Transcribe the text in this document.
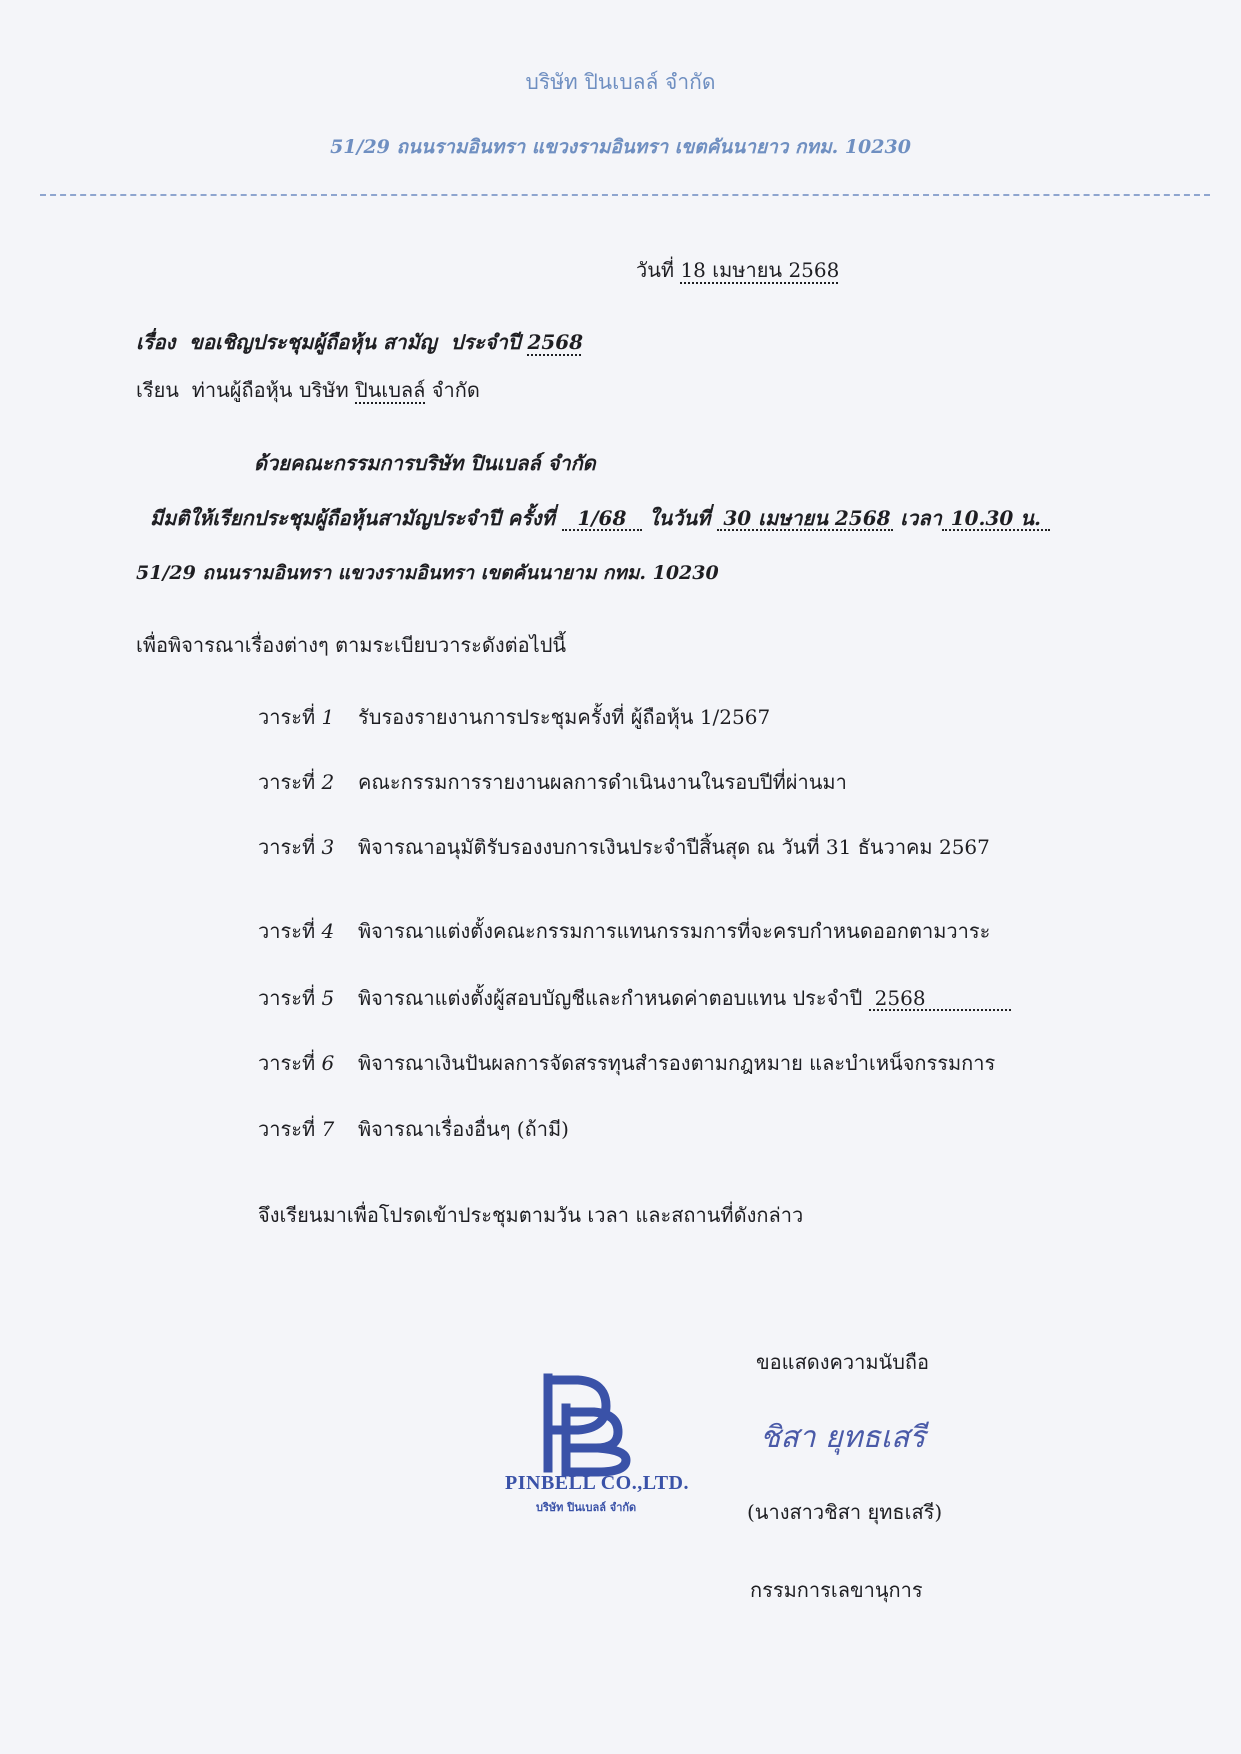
บริษัท ปินเบลล์ จำกัด
51/29 ถนนรามอินทรา แขวงรามอินทรา เขตคันนายาว กทม. 10230
วันที่ 18 เมษายน 2568
เรื่อง ขอเชิญประชุมผู้ถือหุ้น สามัญ ประจำปี 2568
เรียน ท่านผู้ถือหุ้น บริษัท ปินเบลล์ จำกัด
ด้วยคณะกรรมการบริษัท ปินเบลล์ จำกัด
มีมติให้เรียกประชุมผู้ถือหุ้นสามัญประจำปี ครั้งที่ 1/68 ในวันที่ 30 เมษายน 2568 เวลา 10.30 น.
51/29 ถนนรามอินทรา แขวงรามอินทรา เขตคันนายาม กทม. 10230
เพื่อพิจารณาเรื่องต่างๆ ตามระเบียบวาระดังต่อไปนี้
วาระที่ 1 รับรองรายงานการประชุมครั้งที่ ผู้ถือหุ้น 1/2567
วาระที่ 2 คณะกรรมการรายงานผลการดำเนินงานในรอบปีที่ผ่านมา
วาระที่ 3 พิจารณาอนุมัติรับรองงบการเงินประจำปีสิ้นสุด ณ วันที่ 31 ธันวาคม 2567
วาระที่ 4 พิจารณาแต่งตั้งคณะกรรมการแทนกรรมการที่จะครบกำหนดออกตามวาระ
วาระที่ 5 พิจารณาแต่งตั้งผู้สอบบัญชีและกำหนดค่าตอบแทน ประจำปี 2568
วาระที่ 6 พิจารณาเงินปันผลการจัดสรรทุนสำรองตามกฎหมาย และบำเหน็จกรรมการ
วาระที่ 7 พิจารณาเรื่องอื่นๆ (ถ้ามี)
จึงเรียนมาเพื่อโปรดเข้าประชุมตามวัน เวลา และสถานที่ดังกล่าว
ขอแสดงความนับถือ
PINBELL CO.,LTD.
บริษัท ปินเบลล์ จำกัด
ชิสา ยุทธเสรี
(นางสาวชิสา ยุทธเสรี)
กรรมการเลขานุการ
